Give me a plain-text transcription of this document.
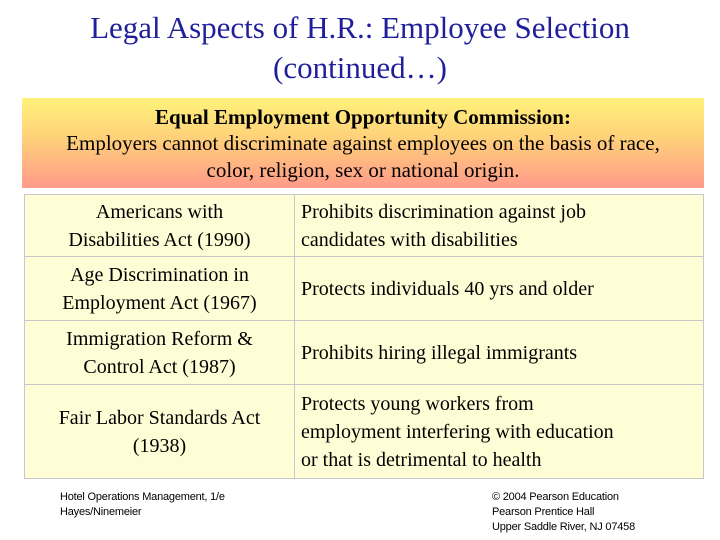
Legal Aspects of H.R.: Employee Selection
(continued…)
Equal Employment Opportunity Commission:
Employers cannot discriminate against employees on the basis of race,
color, religion, sex or national origin.
Americans with
Disabilities Act (1990)	Prohibits discrimination against job
candidates with disabilities

Age Discrimination in
Employment Act (1967)	Protects individuals 40 yrs and older

Immigration Reform &
Control Act (1987)	Prohibits hiring illegal immigrants

Fair Labor Standards Act
(1938)	Protects young workers from
employment interfering with education
or that is detrimental to health
Hotel Operations Management, 1/e
Hayes/Ninemeier
© 2004 Pearson Education
Pearson Prentice Hall
Upper Saddle River, NJ 07458
